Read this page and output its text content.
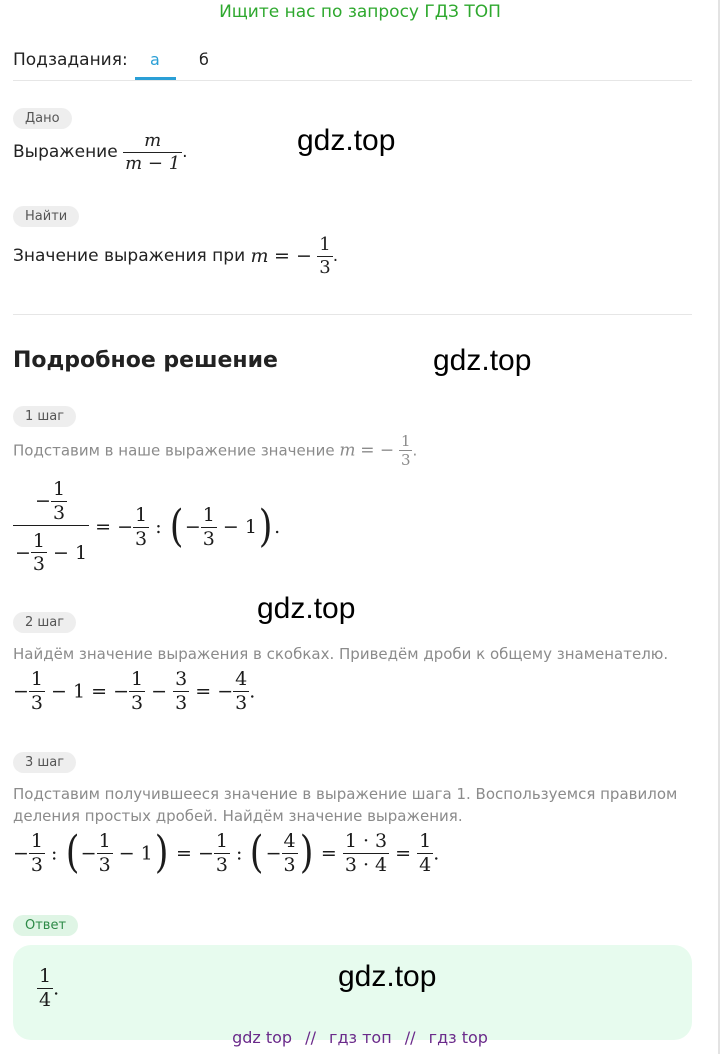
Ищите нас по запросу ГДЗ ТОП
Подзадания: а б
Дано
Выражение $\frac{m}{m - 1}$ .	gdz.top
Найти
Значение выражения при m = − $\frac{1}{3}$ .
Подробное решение	gdz.top
1 шаг
Подставим в наше выражение значение m = − $\frac{1}{3}$ .
$\frac{- \frac{1}{3}}{- \frac{1}{3} - 1}$ = − $\frac{1}{3}$ : (− $\frac{1}{3} - 1$).
gdz.top
2 шаг
Найдём значение выражения в скобках. Приведём дроби к общему знаменателю.
− $\frac{1}{3} - 1$ = − $\frac{1}{3} - \frac{3}{3}$ = − $\frac{4}{3}$ .
3 шаг
Подставим получившееся значение в выражение шага 1. Воспользуемся правилом
деления простых дробей. Найдём значение выражения.
− $\frac{1}{3}$ : (− $\frac{1}{3} - 1$) = − $\frac{1}{3}$ : (− $\frac{4}{3}$ ) = $\frac{1 \cdot 3}{3 \cdot 4} = \frac{1}{4}$ .
Ответ
$\frac{1}{4}$ .	gdz.top
gdz top // гдз топ // гдз top
